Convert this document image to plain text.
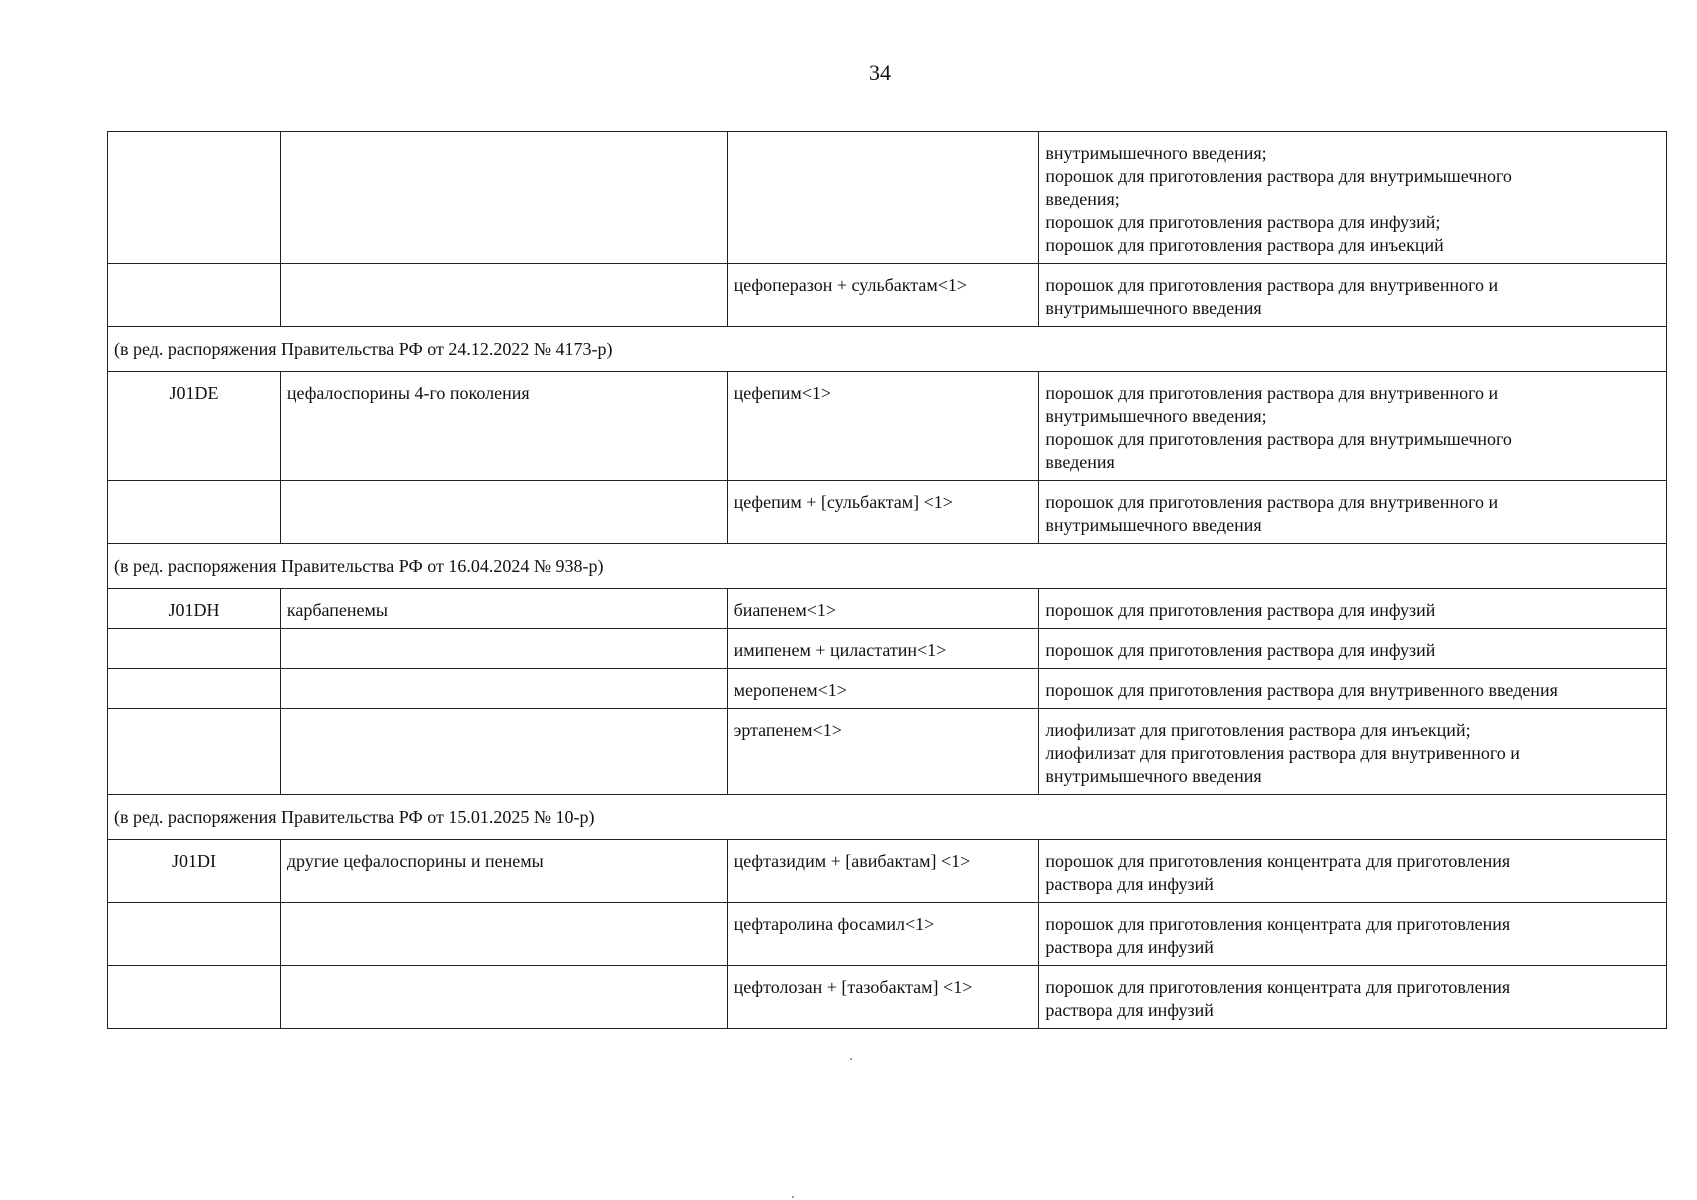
34

			внутримышечного введения;
порошок для приготовления раствора для внутримышечного
введения;
порошок для приготовления раствора для инфузий;
порошок для приготовления раствора для инъекций

		цефоперазон + сульбактам<1>	порошок для приготовления раствора для внутривенного и
внутримышечного введения

(в ред. распоряжения Правительства РФ от 24.12.2022 № 4173-р)			
J01DE	цефалоспорины 4-го поколения	цефепим<1>	порошок для приготовления раствора для внутривенного и
внутримышечного введения;
порошок для приготовления раствора для внутримышечного
введения

		цефепим + [сульбактам] <1>	порошок для приготовления раствора для внутривенного и
внутримышечного введения

(в ред. распоряжения Правительства РФ от 16.04.2024 № 938-р)			
J01DH	карбапенемы	биапенем<1>	порошок для приготовления раствора для инфузий

		имипенем + циластатин<1>	порошок для приготовления раствора для инфузий

		меропенем<1>	порошок для приготовления раствора для внутривенного введения

		эртапенем<1>	лиофилизат для приготовления раствора для инъекций;
лиофилизат для приготовления раствора для внутривенного и
внутримышечного введения

(в ред. распоряжения Правительства РФ от 15.01.2025 № 10-р)			
J01DI	другие цефалоспорины и пенемы	цефтазидим + [авибактам] <1>	порошок для приготовления концентрата для приготовления
раствора для инфузий

		цефтаролина фосамил<1>	порошок для приготовления концентрата для приготовления
раствора для инфузий

		цефтолозан + [тазобактам] <1>	порошок для приготовления концентрата для приготовления
раствора для инфузий
